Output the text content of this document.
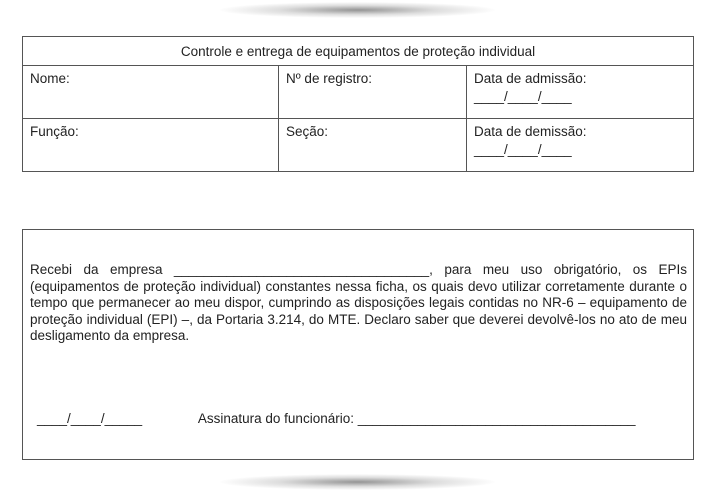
Controle e entrega de equipamentos de proteção individual		
Nome:	Nº de registro:	Data de admissão:
____/____/____

Função:	Seção:	Data de demissão:
____/____/____

Recebi da empresa __________________________________, para meu uso obrigatório, os EPIs (equipamentos de proteção individual) constantes nessa ficha, os quais devo utilizar corretamente durante o tempo que permanecer ao meu dispor, cumprindo as disposições legais contidas no NR-6 – equipamento de proteção individual (EPI) –, da Portaria 3.214, do MTE. Declaro saber que deverei devolvê-los no ato de meu desligamento da empresa.

____/____/_____	Assinatura do funcionário: _____________________________________
